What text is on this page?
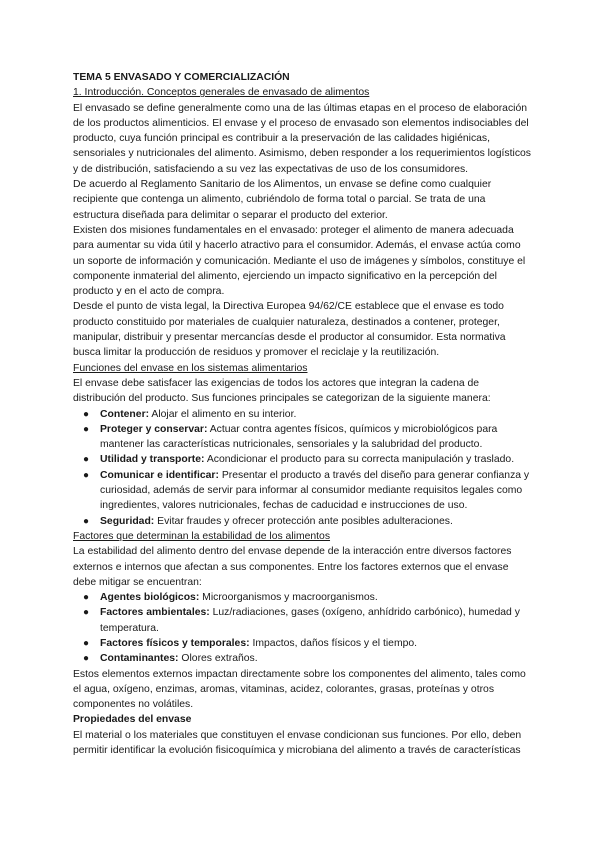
TEMA 5 ENVASADO Y COMERCIALIZACIÓN

1. Introducción. Conceptos generales de envasado de alimentos

El envasado se define generalmente como una de las últimas etapas en el proceso de elaboración de los productos alimenticios. El envase y el proceso de envasado son elementos indisociables del producto, cuya función principal es contribuir a la preservación de las calidades higiénicas, sensoriales y nutricionales del alimento. Asimismo, deben responder a los requerimientos logísticos y de distribución, satisfaciendo a su vez las expectativas de uso de los consumidores.

De acuerdo al Reglamento Sanitario de los Alimentos, un envase se define como cualquier recipiente que contenga un alimento, cubriéndolo de forma total o parcial. Se trata de una estructura diseñada para delimitar o separar el producto del exterior.

Existen dos misiones fundamentales en el envasado: proteger el alimento de manera adecuada para aumentar su vida útil y hacerlo atractivo para el consumidor. Además, el envase actúa como un soporte de información y comunicación. Mediante el uso de imágenes y símbolos, constituye el componente inmaterial del alimento, ejerciendo un impacto significativo en la percepción del producto y en el acto de compra.

Desde el punto de vista legal, la Directiva Europea 94/62/CE establece que el envase es todo producto constituido por materiales de cualquier naturaleza, destinados a contener, proteger, manipular, distribuir y presentar mercancías desde el productor al consumidor. Esta normativa busca limitar la producción de residuos y promover el reciclaje y la reutilización.

Funciones del envase en los sistemas alimentarios

El envase debe satisfacer las exigencias de todos los actores que integran la cadena de distribución del producto. Sus funciones principales se categorizan de la siguiente manera:

● Contener: Alojar el alimento en su interior.
● Proteger y conservar: Actuar contra agentes físicos, químicos y microbiológicos para mantener las características nutricionales, sensoriales y la salubridad del producto.
● Utilidad y transporte: Acondicionar el producto para su correcta manipulación y traslado.
● Comunicar e identificar: Presentar el producto a través del diseño para generar confianza y curiosidad, además de servir para informar al consumidor mediante requisitos legales como ingredientes, valores nutricionales, fechas de caducidad e instrucciones de uso.
● Seguridad: Evitar fraudes y ofrecer protección ante posibles adulteraciones.

Factores que determinan la estabilidad de los alimentos

La estabilidad del alimento dentro del envase depende de la interacción entre diversos factores externos e internos que afectan a sus componentes. Entre los factores externos que el envase debe mitigar se encuentran:

● Agentes biológicos: Microorganismos y macroorganismos.
● Factores ambientales: Luz/radiaciones, gases (oxígeno, anhídrido carbónico), humedad y temperatura.
● Factores físicos y temporales: Impactos, daños físicos y el tiempo.
● Contaminantes: Olores extraños.

Estos elementos externos impactan directamente sobre los componentes del alimento, tales como el agua, oxígeno, enzimas, aromas, vitaminas, acidez, colorantes, grasas, proteínas y otros componentes no volátiles.

Propiedades del envase

El material o los materiales que constituyen el envase condicionan sus funciones. Por ello, deben permitir identificar la evolución fisicoquímica y microbiana del alimento a través de características
